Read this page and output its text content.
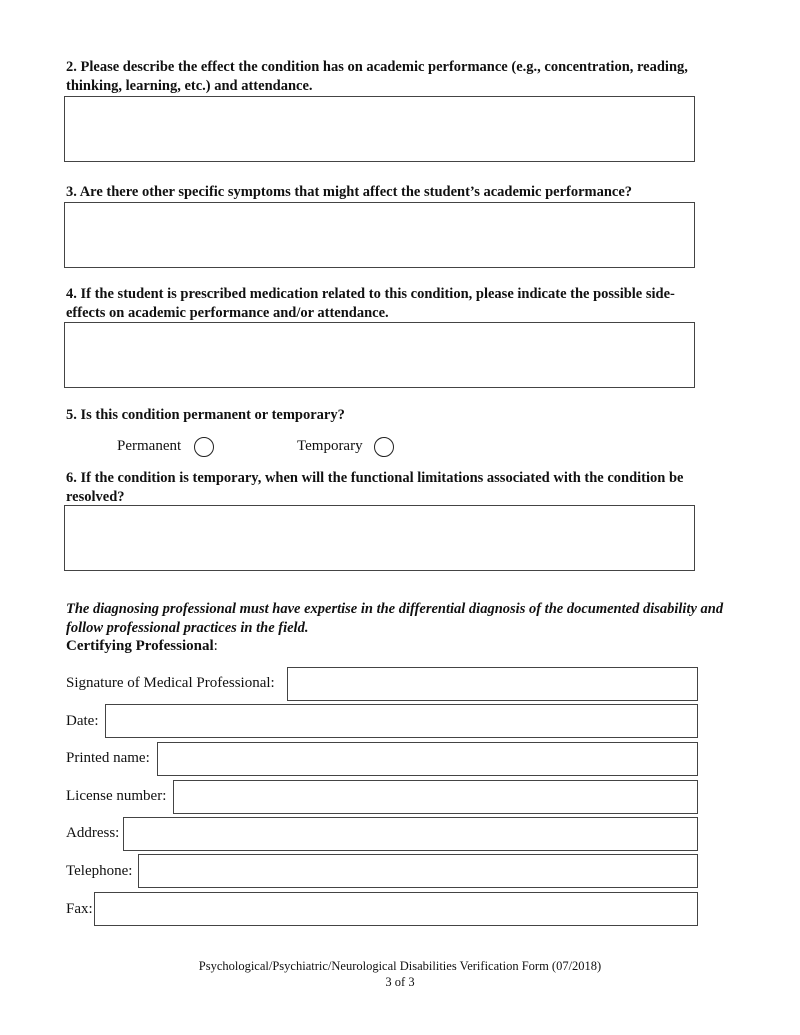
2. Please describe the effect the condition has on academic performance (e.g., concentration, reading, thinking, learning, etc.) and attendance.
3. Are there other specific symptoms that might affect the student’s academic performance?
4. If the student is prescribed medication related to this condition, please indicate the possible side-effects on academic performance and/or attendance.
5. Is this condition permanent or temporary?
Permanent	Temporary
6. If the condition is temporary, when will the functional limitations associated with the condition be resolved?
The diagnosing professional must have expertise in the differential diagnosis of the documented disability and follow professional practices in the field.
Certifying Professional:
Signature of Medical Professional:
Date:
Printed name:
License number:
Address:
Telephone:
Fax:
Psychological/Psychiatric/Neurological Disabilities Verification Form (07/2018)
3 of 3
